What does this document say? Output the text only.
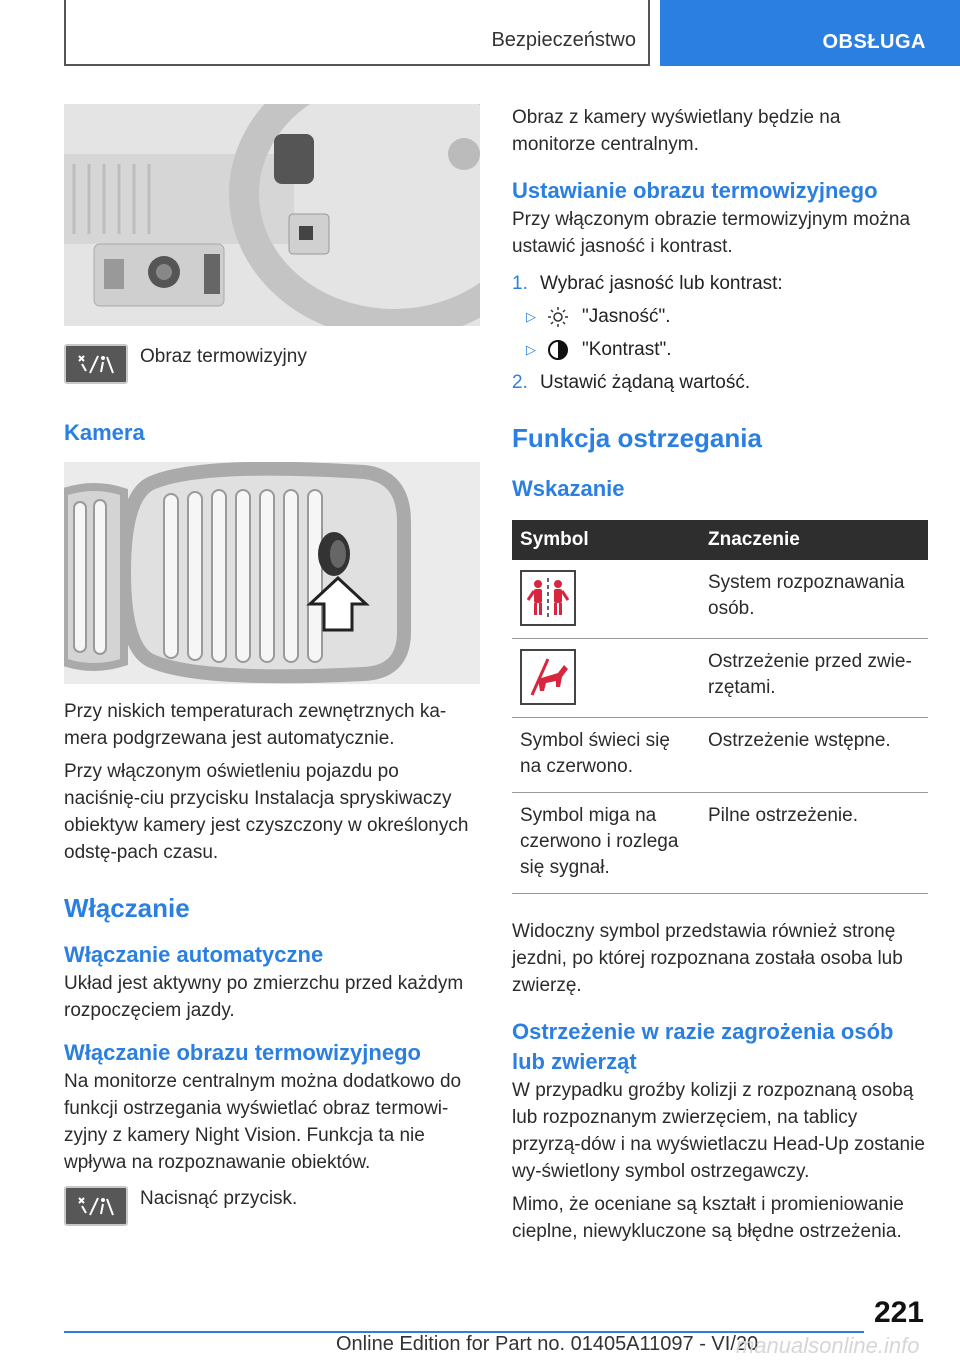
Bezpieczeństwo	OBSŁUGA
Obraz termowizyjny
Kamera

Przy niskich temperaturach zewnętrznych ka-mera podgrzewana jest automatycznie.

Przy włączonym oświetleniu pojazdu po naciśnię-ciu przycisku Instalacja spryskiwaczy obiektyw kamery jest czyszczony w określonych odstę-pach czasu.

Włączanie
Włączanie automatyczne

Układ jest aktywny po zmierzchu przed każdym rozpoczęciem jazdy.

Włączanie obrazu termowizyjnego

Na monitorze centralnym można dodatkowo do funkcji ostrzegania wyświetlać obraz termowi-zyjny z kamery Night Vision. Funkcja ta nie wpływa na rozpoznawanie obiektów.

Nacisnąć przycisk.

Obraz z kamery wyświetlany będzie na monitorze centralnym.

Ustawianie obrazu termowizyjnego

Przy włączonym obrazie termowizyjnym można ustawić jasność i kontrast.

1. Wybrać jasność lub kontrast:
▷	"Jasność".
▷	"Kontrast".
2. Ustawić żądaną wartość.
Funkcja ostrzegania
Wskazanie
Symbol	Znaczenie

	System rozpoznawania osób.

	Ostrzeżenie przed zwie-rzętami.
Symbol świeci się na czerwono.	Ostrzeżenie wstępne.
Symbol miga na czerwono i rozlega się sygnał.	Pilne ostrzeżenie.

Widoczny symbol przedstawia również stronę jezdni, po której rozpoznana została osoba lub zwierzę.

Ostrzeżenie w razie zagrożenia osób lub zwierząt

W przypadku groźby kolizji z rozpoznaną osobą lub rozpoznanym zwierzęciem, na tablicy przyrzą-dów i na wyświetlaczu Head-Up zostanie wy-świetlony symbol ostrzegawczy.

Mimo, że oceniane są kształt i promieniowanie cieplne, niewykluczone są błędne ostrzeżenia.

221
Online Edition for Part no. 01405A11097 - VI/20
manualsonline.info
